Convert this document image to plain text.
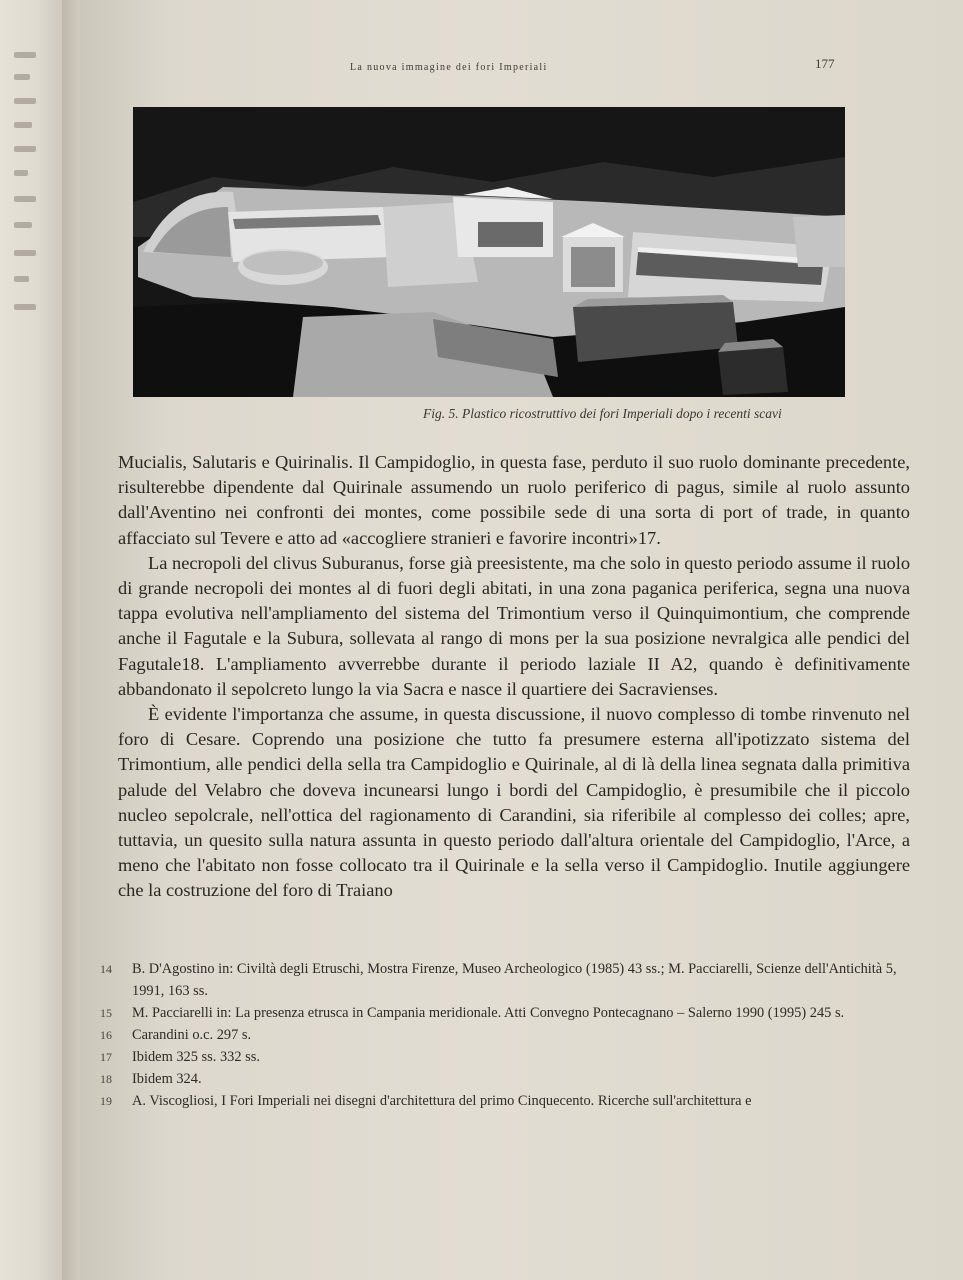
La nuova immagine dei fori Imperiali	177
Fig. 5. Plastico ricostruttivo dei fori Imperiali dopo i recenti scavi

Mucialis, Salutaris e Quirinalis. Il Campidoglio, in questa fase, perduto il suo ruolo dominante precedente, risulterebbe dipendente dal Quirinale assumendo un ruolo periferico di pagus, simile al ruolo assunto dall'Aventino nei confronti dei montes, come possibile sede di una sorta di port of trade, in quanto affacciato sul Tevere e atto ad «accogliere stranieri e favorire incontri»17.

La necropoli del clivus Suburanus, forse già preesistente, ma che solo in questo periodo assume il ruolo di grande necropoli dei montes al di fuori degli abitati, in una zona paganica periferica, segna una nuova tappa evolutiva nell'ampliamento del sistema del Trimontium verso il Quinquimontium, che comprende anche il Fagutale e la Subura, sollevata al rango di mons per la sua posizione nevralgica alle pendici del Fagutale18. L'ampliamento avverrebbe durante il periodo laziale II A2, quando è definitivamente abbandonato il sepolcreto lungo la via Sacra e nasce il quartiere dei Sacravienses.

È evidente l'importanza che assume, in questa discussione, il nuovo complesso di tombe rinvenuto nel foro di Cesare. Coprendo una posizione che tutto fa presumere esterna all'ipotizzato sistema del Trimontium, alle pendici della sella tra Campidoglio e Quirinale, al di là della linea segnata dalla primitiva palude del Velabro che doveva incunearsi lungo i bordi del Campidoglio, è presumibile che il piccolo nucleo sepolcrale, nell'ottica del ragionamento di Carandini, sia riferibile al complesso dei colles; apre, tuttavia, un quesito sulla natura assunta in questo periodo dall'altura orientale del Campidoglio, l'Arce, a meno che l'abitato non fosse collocato tra il Quirinale e la sella verso il Campidoglio. Inutile aggiungere che la costruzione del foro di Traiano

14 B. D'Agostino in: Civiltà degli Etruschi, Mostra Firenze, Museo Archeologico (1985) 43 ss.; M. Pacciarelli, Scienze dell'Antichità 5, 1991, 163 ss.
15 M. Pacciarelli in: La presenza etrusca in Campania meridionale. Atti Convegno Pontecagnano – Salerno 1990 (1995) 245 s.
16 Carandini o.c. 297 s.
17 Ibidem 325 ss. 332 ss.
18 Ibidem 324.
19 A. Viscogliosi, I Fori Imperiali nei disegni d'architettura del primo Cinquecento. Ricerche sull'architettura e
